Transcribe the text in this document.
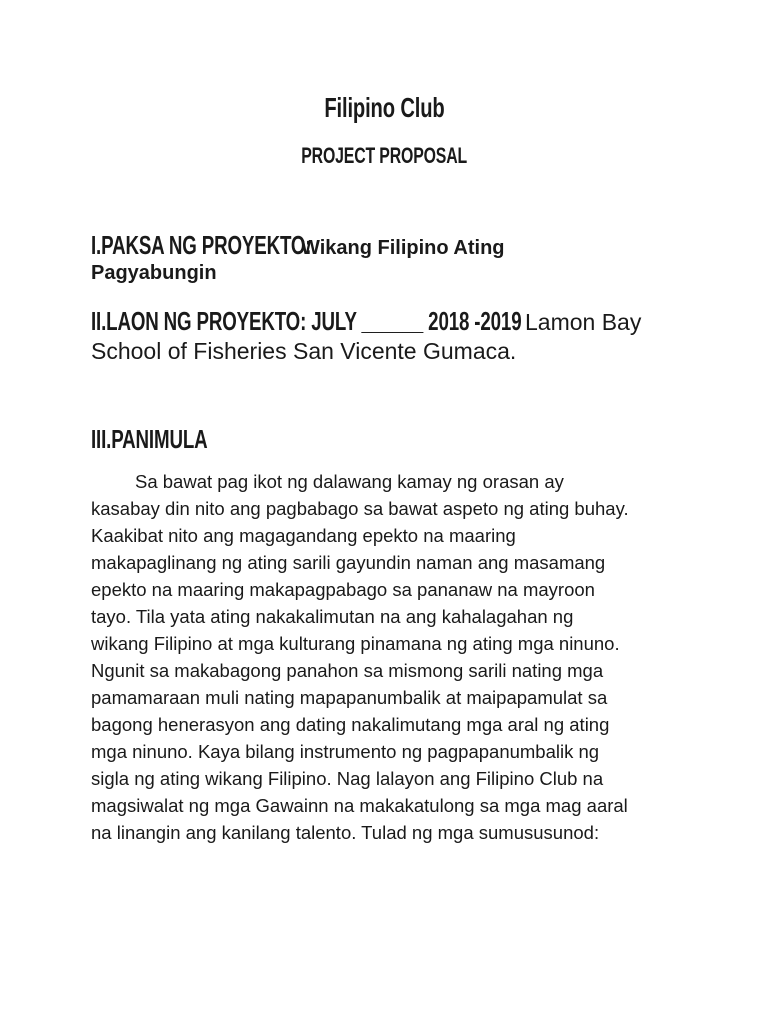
Filipino Club
PROJECT PROPOSAL
I.PAKSA NG PROYEKTO:Wikang Filipino Ating
Pagyabungin
II.LAON NG PROYEKTO: JULY ______ 2018 -2019 Lamon Bay
School of Fisheries San Vicente Gumaca.
III.PANIMULA
Sa bawat pag ikot ng dalawang kamay ng orasan ay
kasabay din nito ang pagbabago sa bawat aspeto ng ating buhay.
Kaakibat nito ang magagandang epekto na maaring
makapaglinang ng ating sarili gayundin naman ang masamang
epekto na maaring makapagpabago sa pananaw na mayroon
tayo. Tila yata ating nakakalimutan na ang kahalagahan ng
wikang Filipino at mga kulturang pinamana ng ating mga ninuno.
Ngunit sa makabagong panahon sa mismong sarili nating mga
pamamaraan muli nating mapapanumbalik at maipapamulat sa
bagong henerasyon ang dating nakalimutang mga aral ng ating
mga ninuno. Kaya bilang instrumento ng pagpapanumbalik ng
sigla ng ating wikang Filipino. Nag lalayon ang Filipino Club na
magsiwalat ng mga Gawainn na makakatulong sa mga mag aaral
na linangin ang kanilang talento. Tulad ng mga sumususunod:
